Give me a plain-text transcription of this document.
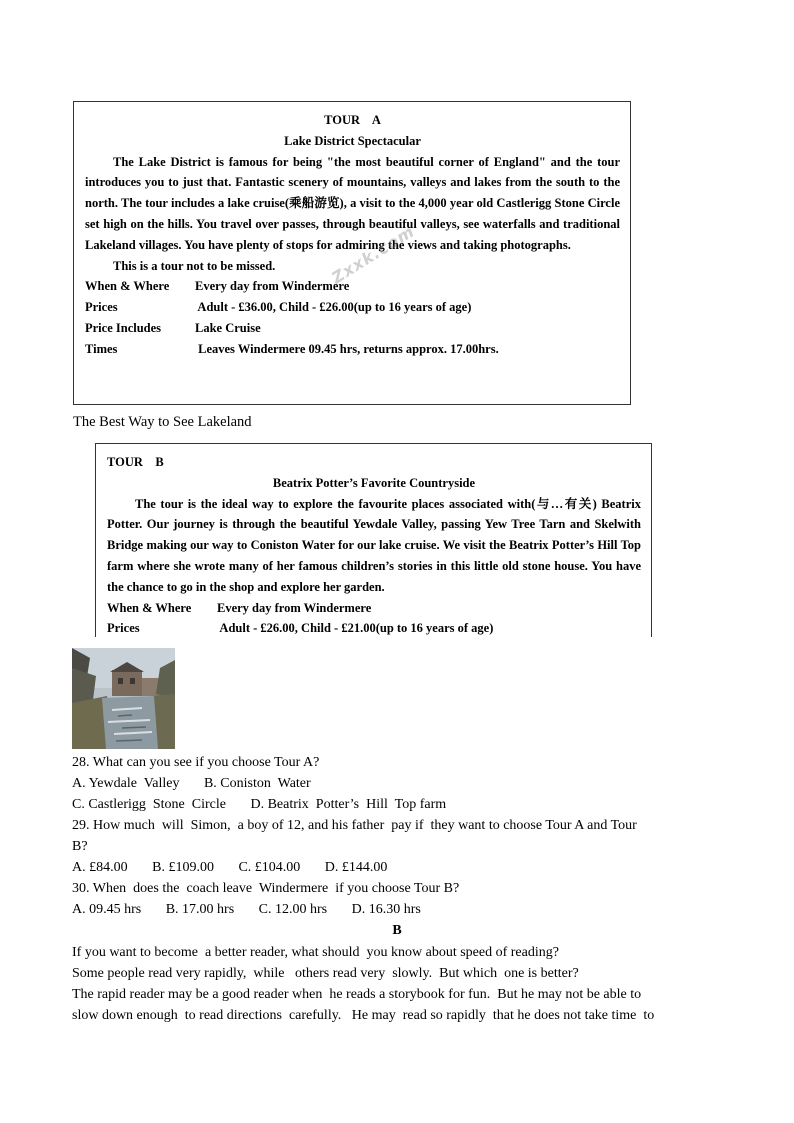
TOUR    A
Lake District Spectacular

The Lake District is famous for being "the most beautiful corner of England" and the tour introduces you to just that. Fantastic scenery of mountains, valleys and lakes from the south to the north. The tour includes a lake cruise(乘船游览), a visit to the 4,000 year old Castlerigg Stone Circle set high on the hills. You travel over passes, through beautiful valleys, see waterfalls and traditional Lakeland villages. You have plenty of stops for admiring the views and taking photographs.

This is a tour not to be missed.

When & Where	Every day from Windermere
Prices	Adult - £36.00, Child - £26.00(up to 16 years of age)
Price Includes	Lake Cruise
Times	Leaves Windermere 09.45 hrs, returns approx. 17.00hrs.
Zxxk.com
The Best Way to See Lakeland
TOUR    B
Beatrix Potter’s Favorite Countryside

The tour is the ideal way to explore the favourite places associated with(与…有关) Beatrix Potter. Our journey is through the beautiful Yewdale Valley, passing Yew Tree Tarn and Skelwith Bridge making our way to Coniston Water for our lake cruise. We visit the Beatrix Potter’s Hill Top farm where she wrote many of her famous children’s stories in this little old stone house. You have the chance to go in the shop and explore her garden.

When & Where	Every day from Windermere
Prices	Adult - £26.00, Child - £21.00(up to 16 years of age)

28. What can you see if you choose Tour A?

A. Yewdale  Valley       B. Coniston  Water

C. Castlerigg  Stone  Circle       D. Beatrix  Potter’s  Hill  Top farm

29. How much  will  Simon,  a boy of 12, and his father  pay if  they want to choose Tour A and Tour

B?

A. £84.00       B. £109.00       C. £104.00       D. £144.00

30. When  does the  coach leave  Windermere  if you choose Tour B?

A. 09.45 hrs       B. 17.00 hrs       C. 12.00 hrs       D. 16.30 hrs

B

If you want to become  a better reader, what should  you know about speed of reading?

Some people read very rapidly,  while   others read very  slowly.  But which  one is better?

The rapid reader may be a good reader when  he reads a storybook for fun.  But he may not be able to

slow down enough  to read directions  carefully.   He may  read so rapidly  that he does not take time  to
